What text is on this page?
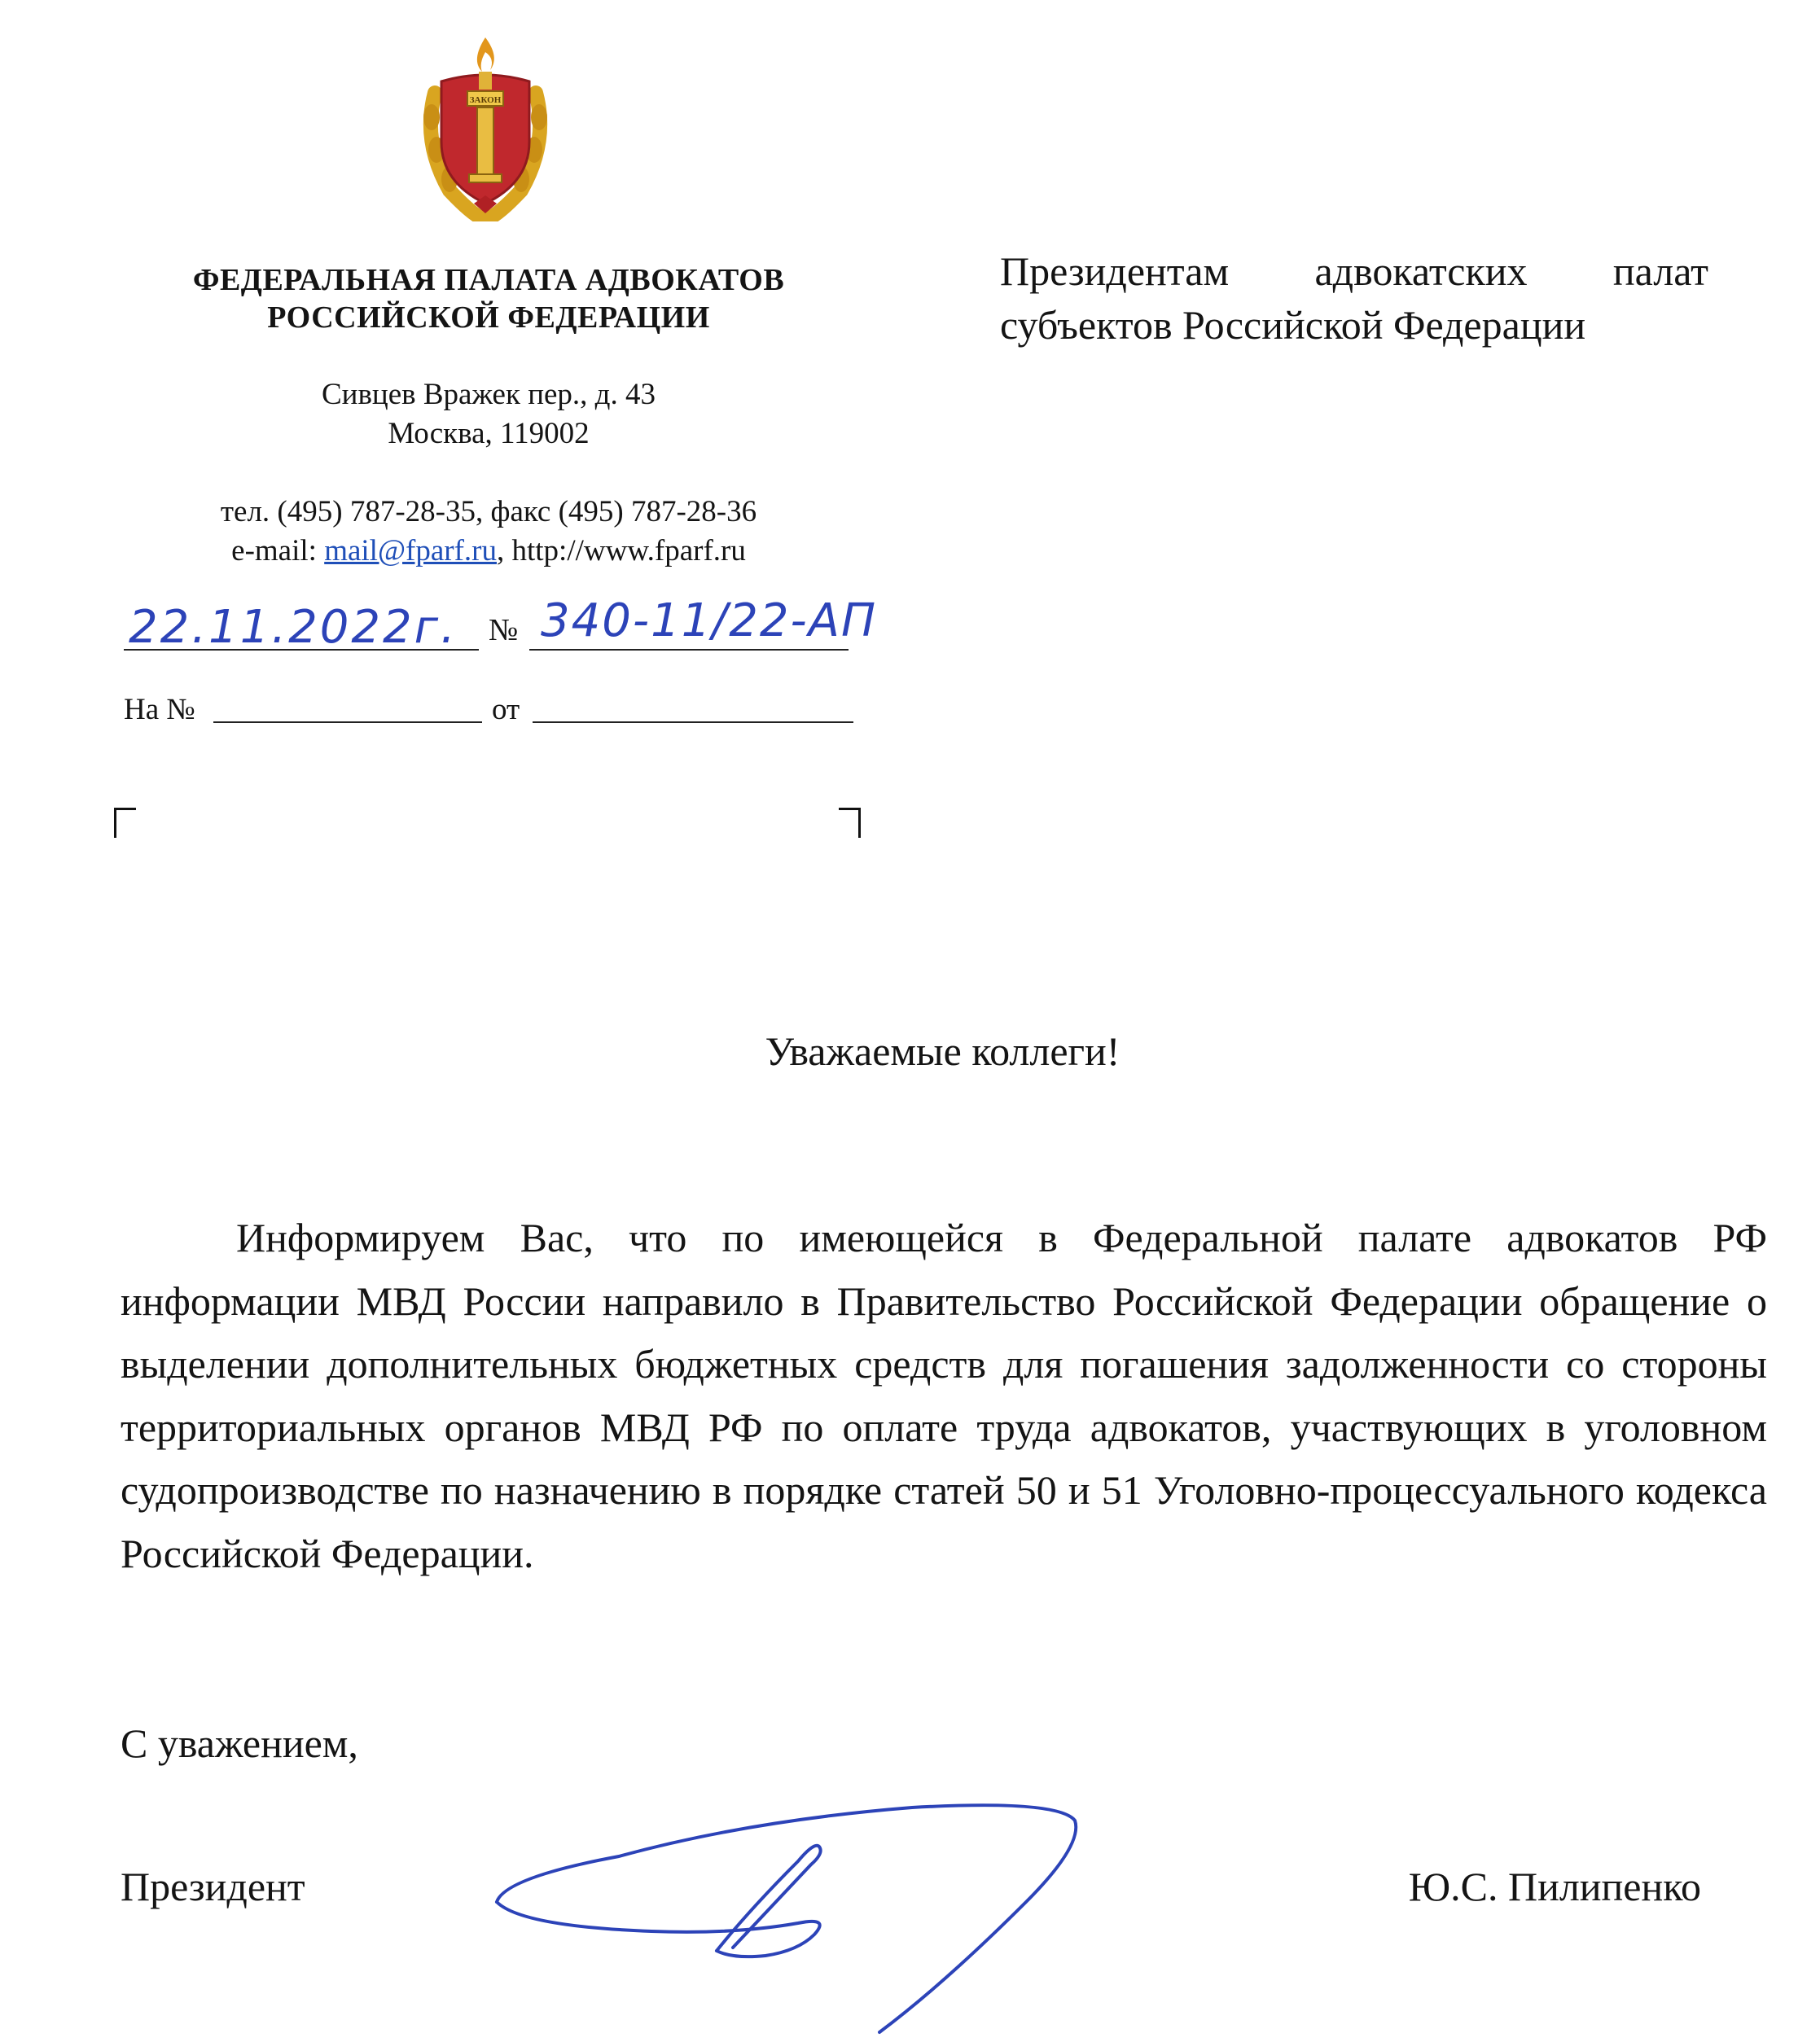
ЗАКОН
ФЕДЕРАЛЬНАЯ ПАЛАТА АДВОКАТОВ
РОССИЙСКОЙ ФЕДЕРАЦИИ
Сивцев Вражек пер., д. 43
Москва, 119002
тел. (495) 787-28-35, факс (495) 787-28-36
e-mail: mail@fparf.ru, http://www.fparf.ru
22.11.2022г. № 340-11/22-АП
На №	от
Президентам адвокатских палат
субъектов Российской Федерации
Уважаемые коллеги!

Информируем Вас, что по имеющейся в Федеральной палате адвокатов РФ информации МВД России направило в Правительство Российской Федерации обращение о выделении дополнительных бюджетных средств для погашения задолженности со стороны территориальных органов МВД РФ по оплате труда адвокатов, участвующих в уголовном судопроизводстве по назначению в порядке статей 50 и 51 Уголовно-процессуального кодекса Российской Федерации.

С уважением,
Президент	Ю.С. Пилипенко
